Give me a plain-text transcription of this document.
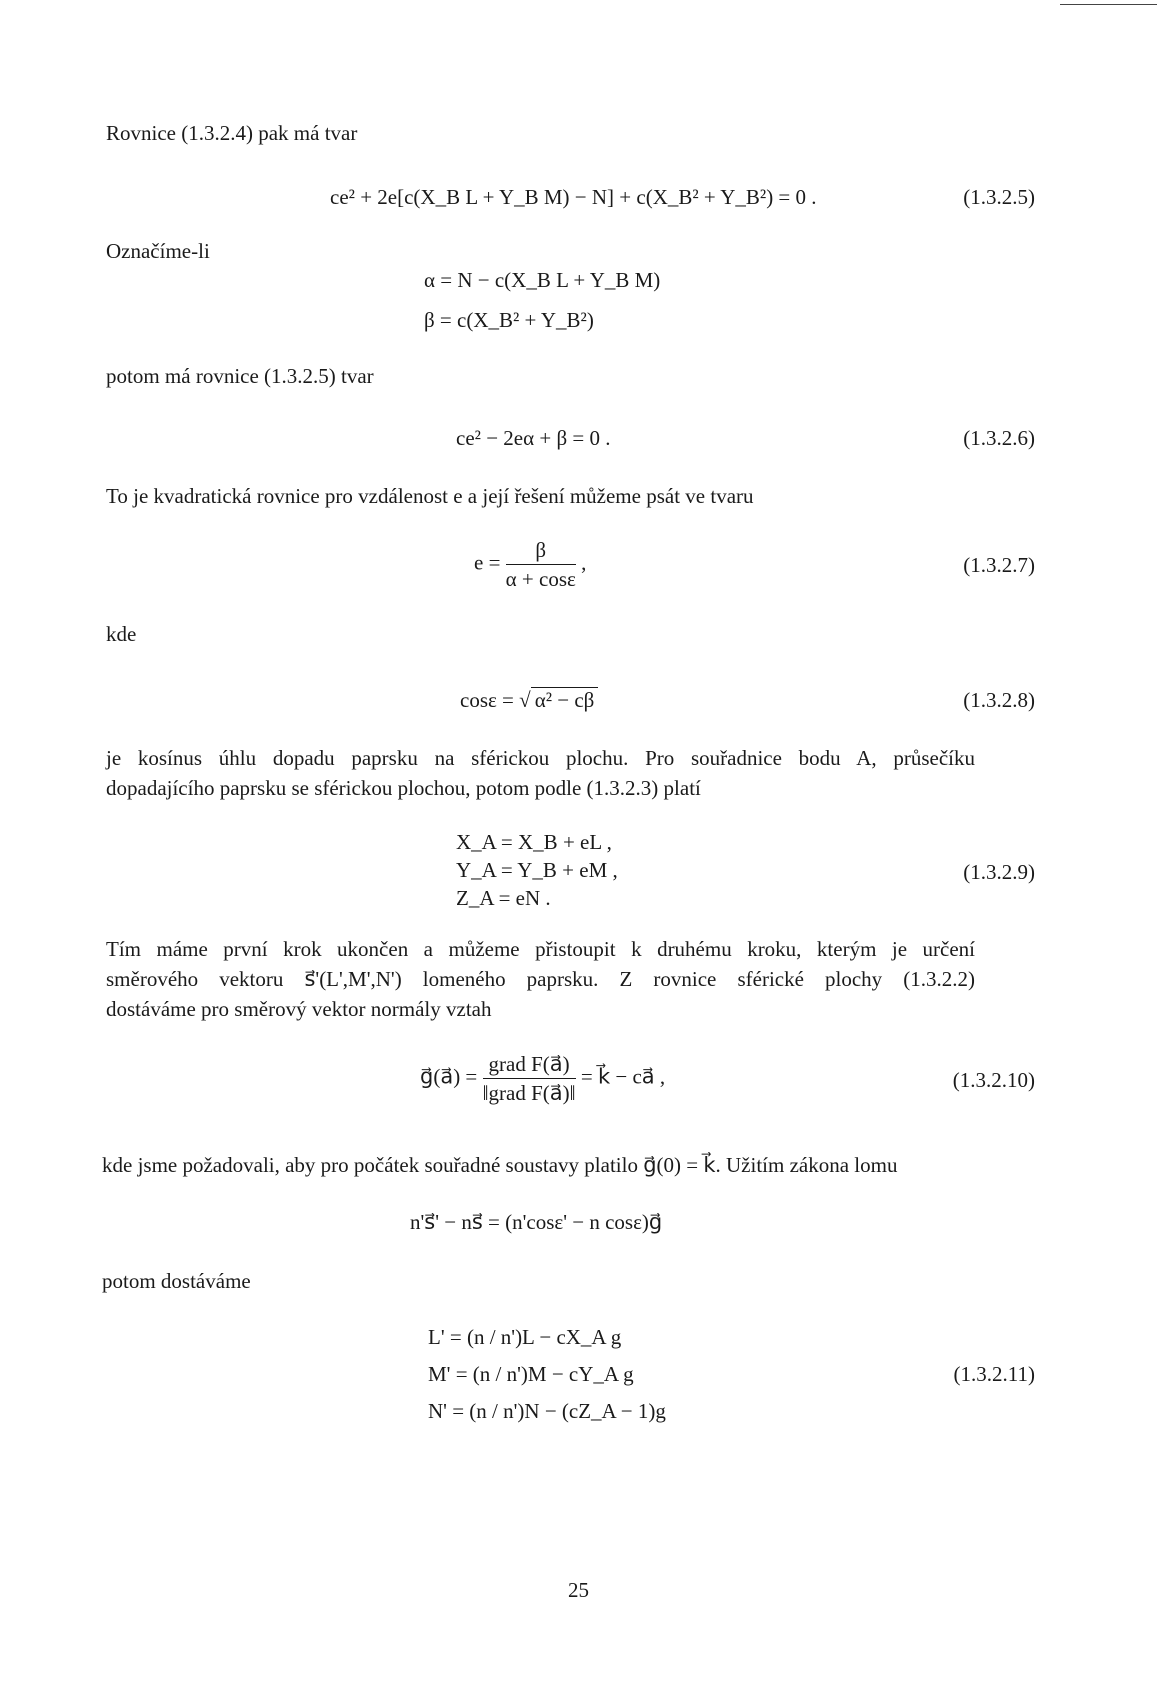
Rovnice (1.3.2.4) pak má tvar
ce² + 2e[c(X_B L + Y_B M) − N] + c(X_B² + Y_B²) = 0 .	(1.3.2.5)
Označíme-li
α = N − c(X_B L + Y_B M)
β = c(X_B² + Y_B²)
potom má rovnice (1.3.2.5) tvar
ce² − 2eα + β = 0 .	(1.3.2.6)
To je kvadratická rovnice pro vzdálenost e a její řešení můžeme psát ve tvaru
$e = \frac{\beta}{\alpha + \cos\varepsilon}$ ,	(1.3.2.7)
kde
cosε = √ α² − cβ	(1.3.2.8)
je kosínus úhlu dopadu paprsku na sférickou plochu. Pro souřadnice bodu A, průsečíku
dopadajícího paprsku se sférickou plochou, potom podle (1.3.2.3) platí
X_A = X_B + eL ,
Y_A = Y_B + eM ,
Z_A = eN .
(1.3.2.9)
Tím máme první krok ukončen a můžeme přistoupit k druhému kroku, kterým je určení
směrového vektoru s⃗'(L',M',N') lomeného paprsku. Z rovnice sférické plochy (1.3.2.2)
dostáváme pro směrový vektor normály vztah
g⃗(a⃗) = $\frac{\text{grad F(a⃗)}}{\text{‖grad F(a⃗)‖}}$ = k⃗ − ca⃗ ,	(1.3.2.10)
kde jsme požadovali, aby pro počátek souřadné soustavy platilo g⃗(0) = k⃗. Užitím zákona lomu
n's⃗' − ns⃗ = (n'cosε' − n cosε)g⃗
potom dostáváme
L' = (n / n')L − cX_A g
M' = (n / n')M − cY_A g
N' = (n / n')N − (cZ_A − 1)g
(1.3.2.11)
25
